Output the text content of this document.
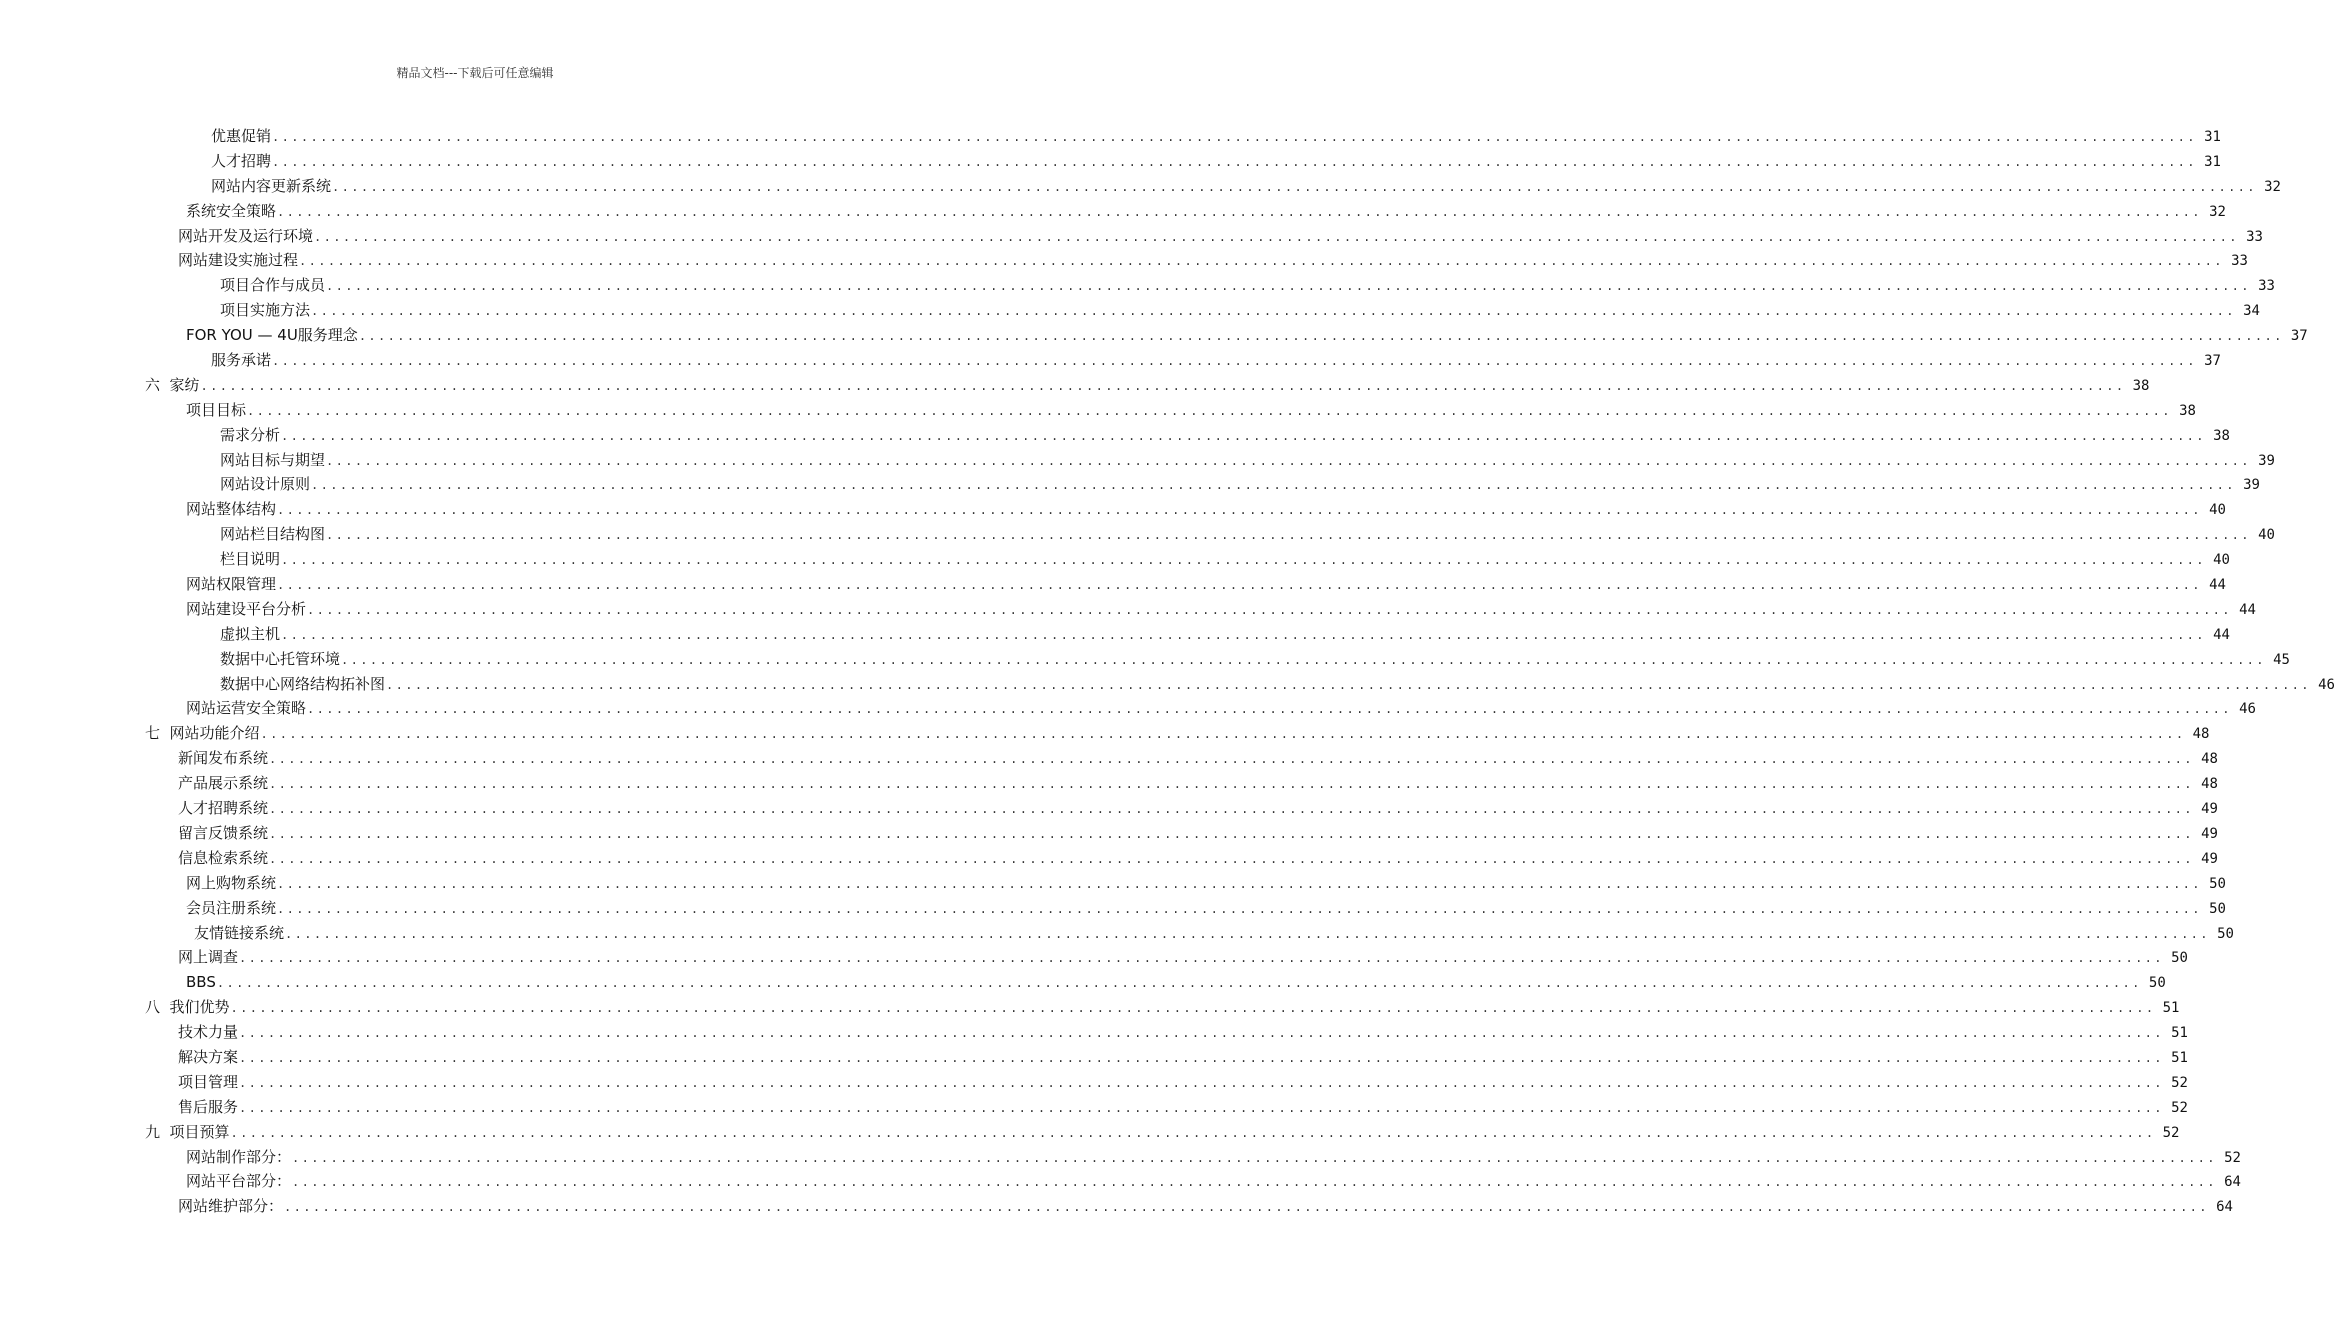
精品文档---下载后可任意编辑
优惠促销 ........................................................................................................................................................................................................ 31
人才招聘 ........................................................................................................................................................................................................ 31
网站内容更新系统 ........................................................................................................................................................................................................ 32
系统安全策略 ........................................................................................................................................................................................................ 32
网站开发及运行环境 ........................................................................................................................................................................................................ 33
网站建设实施过程 ........................................................................................................................................................................................................ 33
项目合作与成员 ........................................................................................................................................................................................................ 33
项目实施方法 ........................................................................................................................................................................................................ 34
FOR YOU — 4U服务理念 ........................................................................................................................................................................................................ 37
服务承诺 ........................................................................................................................................................................................................ 37
六  家纺 ........................................................................................................................................................................................................ 38
项目目标 ........................................................................................................................................................................................................ 38
需求分析 ........................................................................................................................................................................................................ 38
网站目标与期望 ........................................................................................................................................................................................................ 39
网站设计原则 ........................................................................................................................................................................................................ 39
网站整体结构 ........................................................................................................................................................................................................ 40
网站栏目结构图 ........................................................................................................................................................................................................ 40
栏目说明 ........................................................................................................................................................................................................ 40
网站权限管理 ........................................................................................................................................................................................................ 44
网站建设平台分析 ........................................................................................................................................................................................................ 44
虚拟主机 ........................................................................................................................................................................................................ 44
数据中心托管环境 ........................................................................................................................................................................................................ 45
数据中心网络结构拓补图 ........................................................................................................................................................................................................ 46
网站运营安全策略 ........................................................................................................................................................................................................ 46
七  网站功能介绍 ........................................................................................................................................................................................................ 48
新闻发布系统 ........................................................................................................................................................................................................ 48
产品展示系统 ........................................................................................................................................................................................................ 48
人才招聘系统 ........................................................................................................................................................................................................ 49
留言反馈系统 ........................................................................................................................................................................................................ 49
信息检索系统 ........................................................................................................................................................................................................ 49
网上购物系统 ........................................................................................................................................................................................................ 50
会员注册系统 ........................................................................................................................................................................................................ 50
友情链接系统 ........................................................................................................................................................................................................ 50
网上调查 ........................................................................................................................................................................................................ 50
BBS ........................................................................................................................................................................................................ 50
八  我们优势 ........................................................................................................................................................................................................ 51
技术力量 ........................................................................................................................................................................................................ 51
解决方案 ........................................................................................................................................................................................................ 51
项目管理 ........................................................................................................................................................................................................ 52
售后服务 ........................................................................................................................................................................................................ 52
九  项目预算 ........................................................................................................................................................................................................ 52
网站制作部分： ........................................................................................................................................................................................................ 52
网站平台部分： ........................................................................................................................................................................................................ 64
网站维护部分： ........................................................................................................................................................................................................ 64
